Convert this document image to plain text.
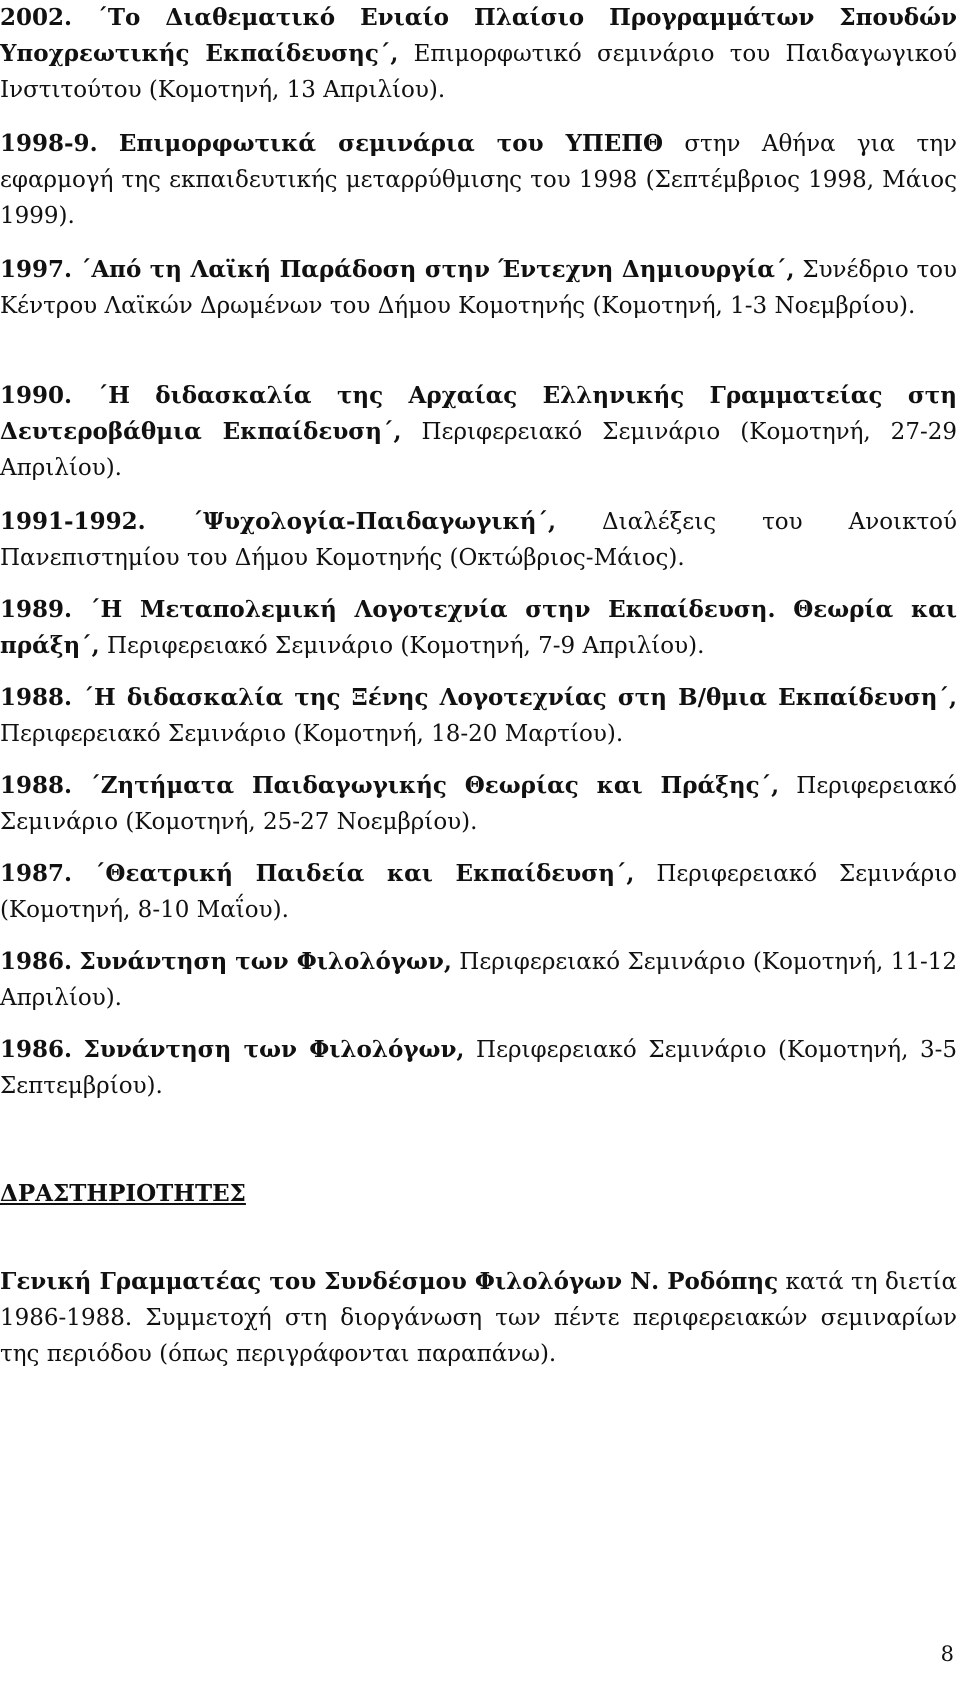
2002. ΄Το Διαθεματικό Ενιαίο Πλαίσιο Προγραμμάτων Σπουδών Υποχρεωτικής Εκπαίδευσης΄, Επιμορφωτικό σεμινάριο του Παιδαγωγικού Ινστιτούτου (Κομοτηνή, 13 Απριλίου).

1998-9. Επιμορφωτικά σεμινάρια του ΥΠΕΠΘ στην Αθήνα για την εφαρμογή της εκπαιδευτικής μεταρρύθμισης του 1998 (Σεπτέμβριος 1998, Μάιος 1999).

1997. ΄Από τη Λαϊκή Παράδοση στην Έντεχνη Δημιουργία΄, Συνέδριο του Κέντρου Λαϊκών Δρωμένων του Δήμου Κομοτηνής (Κομοτηνή, 1-3 Νοεμβρίου).

1990. ΄Η διδασκαλία της Αρχαίας Ελληνικής Γραμματείας στη Δευτεροβάθμια Εκπαίδευση΄, Περιφερειακό Σεμινάριο (Κομοτηνή, 27-29 Απριλίου).

1991-1992. ΄Ψυχολογία-Παιδαγωγική΄, Διαλέξεις του Ανοικτού Πανεπιστημίου του Δήμου Κομοτηνής (Οκτώβριος-Μάιος).

1989. ΄Η Μεταπολεμική Λογοτεχνία στην Εκπαίδευση. Θεωρία και πράξη΄, Περιφερειακό Σεμινάριο (Κομοτηνή, 7-9 Απριλίου).

1988. ΄Η διδασκαλία της Ξένης Λογοτεχνίας στη Β/θμια Εκπαίδευση΄, Περιφερειακό Σεμινάριο (Κομοτηνή, 18-20 Μαρτίου).

1988. ΄Ζητήματα Παιδαγωγικής Θεωρίας και Πράξης΄, Περιφερειακό Σεμινάριο (Κομοτηνή, 25-27 Νοεμβρίου).

1987. ΄Θεατρική Παιδεία και Εκπαίδευση΄, Περιφερειακό Σεμινάριο (Κομοτηνή, 8-10 Μαΐου).

1986. Συνάντηση των Φιλολόγων, Περιφερειακό Σεμινάριο (Κομοτηνή, 11-12 Απριλίου).

1986. Συνάντηση των Φιλολόγων, Περιφερειακό Σεμινάριο (Κομοτηνή, 3-5 Σεπτεμβρίου).

ΔΡΑΣΤΗΡΙΟΤΗΤΕΣ

Γενική Γραμματέας του Συνδέσμου Φιλολόγων Ν. Ροδόπης κατά τη διετία 1986-1988. Συμμετοχή στη διοργάνωση των πέντε περιφερειακών σεμιναρίων της περιόδου (όπως περιγράφονται παραπάνω).

8
